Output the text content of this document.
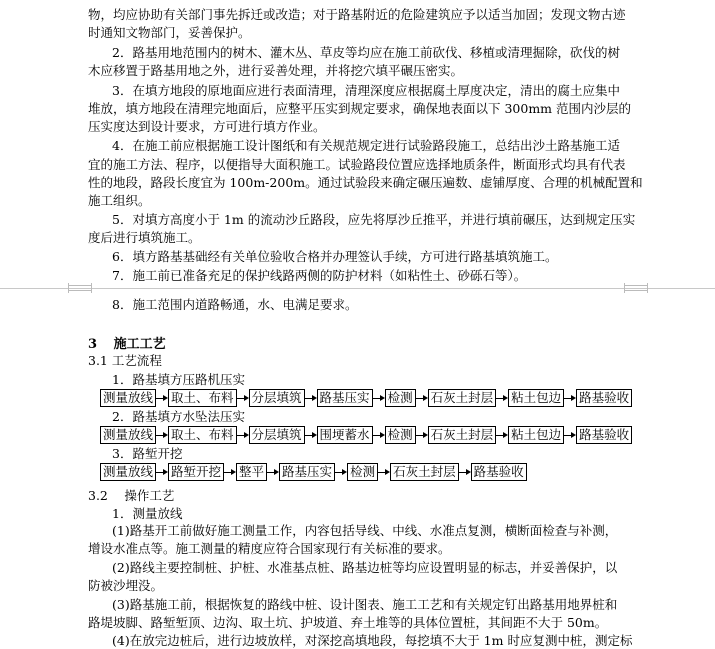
物，均应协助有关部门事先拆迁或改造；对于路基附近的危险建筑应予以适当加固；发现文物古迹
时通知文物部门，妥善保护。
2．路基用地范围内的树木、灌木丛、草皮等均应在施工前砍伐、移植或清理掘除，砍伐的树
木应移置于路基用地之外，进行妥善处理，并将挖穴填平碾压密实。
3．在填方地段的原地面应进行表面清理，清理深度应根据腐土厚度决定，清出的腐土应集中
堆放，填方地段在清理完地面后，应整平压实到规定要求，确保地表面以下 300mm 范围内沙层的
压实度达到设计要求，方可进行填方作业。
4．在施工前应根据施工设计图纸和有关规范规定进行试验路段施工，总结出沙土路基施工适
宜的施工方法、程序，以便指导大面积施工。试验路段位置应选择地质条件，断面形式均具有代表
性的地段，路段长度宜为 100m-200m。通过试验段来确定碾压遍数、虚铺厚度、合理的机械配置和
施工组织。
5．对填方高度小于 1m 的流动沙丘路段，应先将厚沙丘推平，并进行填前碾压，达到规定压实
度后进行填筑施工。
6．填方路基基础经有关单位验收合格并办理签认手续，方可进行路基填筑施工。
7．施工前已准备充足的保护线路两侧的防护材料（如粘性土、砂砾石等）。
8．施工范围内道路畅通，水、电满足要求。
3 施工工艺
3.1 工艺流程
1．路基填方压路机压实
测量放线 取土、布料 分层填筑 路基压实 检测 石灰土封层 粘土包边 路基验收
2．路基填方水坠法压实
测量放线 取土、布料 分层填筑 围埂蓄水 检测 石灰土封层 粘土包边 路基验收
3．路堑开挖
测量放线 路堑开挖 整平 路基压实 检测 石灰土封层 路基验收
3.2　 操作工艺
1．测量放线
(1)路基开工前做好施工测量工作，内容包括导线、中线、水准点复测，横断面检查与补测，
增设水准点等。施工测量的精度应符合国家现行有关标准的要求。
(2)路线主要控制桩、护桩、水准基点桩、路基边桩等均应设置明显的标志，并妥善保护，以
防被沙埋没。
(3)路基施工前，根据恢复的路线中桩、设计图表、施工工艺和有关规定钉出路基用地界桩和
路堤坡脚、路堑堑顶、边沟、取土坑、护坡道、弃土堆等的具体位置桩，其间距不大于 50m。
(4)在放完边桩后，进行边坡放样，对深挖高填地段，每挖填不大于 1m 时应复测中桩，测定标
